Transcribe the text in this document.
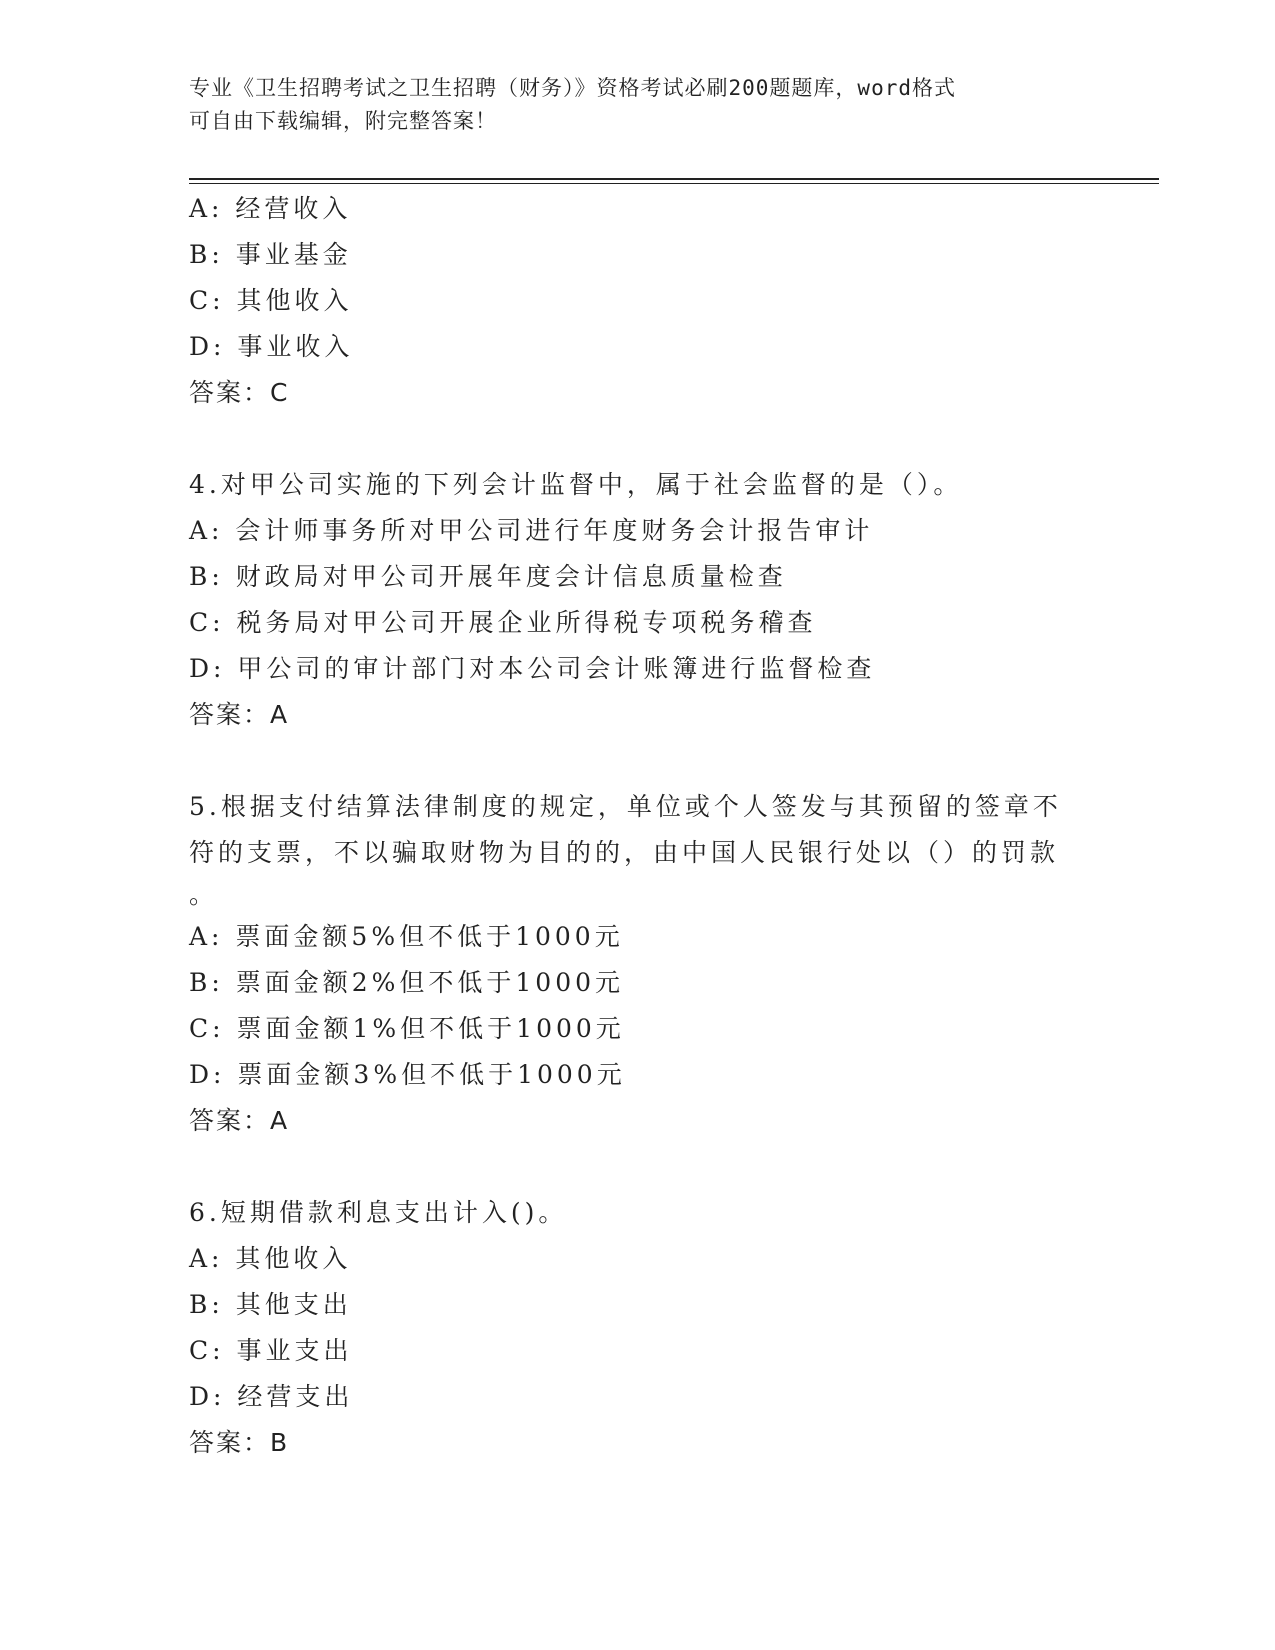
专业《卫生招聘考试之卫生招聘（财务）》资格考试必刷200题题库，word格式
可自由下载编辑，附完整答案！
A: 经营收入
B: 事业基金
C: 其他收入
D: 事业收入
答案：C
4.对甲公司实施的下列会计监督中，属于社会监督的是（）。
A: 会计师事务所对甲公司进行年度财务会计报告审计
B: 财政局对甲公司开展年度会计信息质量检查
C: 税务局对甲公司开展企业所得税专项税务稽查
D: 甲公司的审计部门对本公司会计账簿进行监督检查
答案：A
5.根据支付结算法律制度的规定，单位或个人签发与其预留的签章不
符的支票，不以骗取财物为目的的，由中国人民银行处以（）的罚款
。
A: 票面金额5%但不低于1000元
B: 票面金额2%但不低于1000元
C: 票面金额1%但不低于1000元
D: 票面金额3%但不低于1000元
答案：A
6.短期借款利息支出计入()。
A: 其他收入
B: 其他支出
C: 事业支出
D: 经营支出
答案：B
